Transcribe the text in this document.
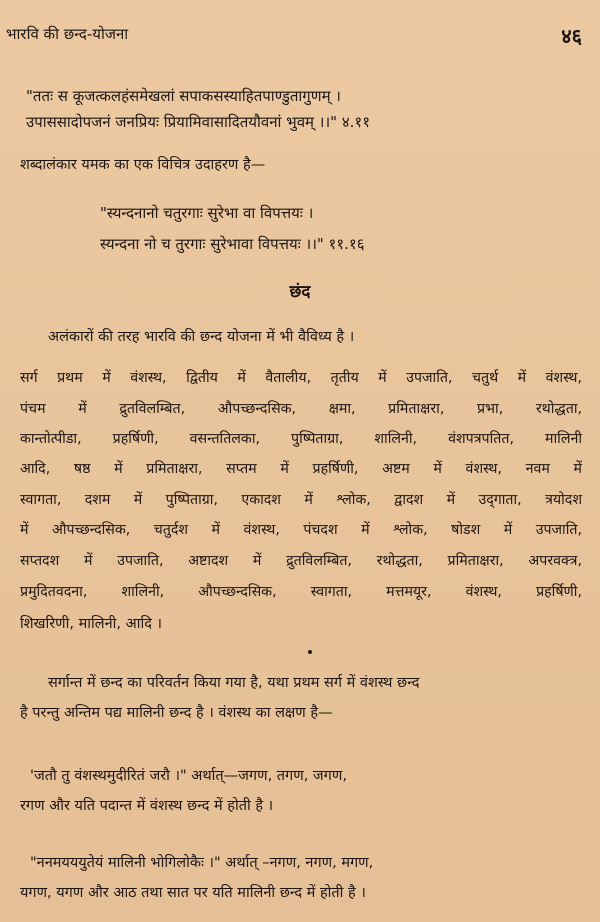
भारवि की छन्द-योजना	४६
"ततः स कूजत्कलहंसमेखलां सपाकसस्याहितपाण्डुतागुणम् ।
उपाससादोपजनं जनप्रियः प्रियामिवासादितयौवनां भुवम् ।।" ४.११
शब्दालंकार यमक का एक विचित्र उदाहरण है—
"स्यन्दनानो चतुरगाः सुरेभा वा विपत्तयः ।
स्यन्दना नो च तुरगाः सुरेभावा विपत्तयः ।।" ११.१६
छंद
अलंकारों की तरह भारवि की छन्द योजना में भी वैविध्य है ।
सर्ग प्रथम में वंशस्थ, द्वितीय में वैतालीय, तृतीय में उपजाति, चतुर्थ में वंशस्थ,
पंचम में द्रुतविलम्बित, औपच्छन्दसिक, क्षमा, प्रमिताक्षरा, प्रभा, रथोद्धता,
कान्तोत्पीडा, प्रहर्षिणी, वसन्ततिलका, पुष्पिताग्रा, शालिनी, वंशपत्रपतित, मालिनी
आदि, षष्ठ में प्रमिताक्षरा, सप्तम में प्रहर्षिणी, अष्टम में वंशस्थ, नवम में
स्वागता, दशम में पुष्पिताग्रा, एकादश में श्लोक, द्वादश में उद्‌गाता, त्रयोदश
में औपच्छन्दसिक, चतुर्दश में वंशस्थ, पंचदश में श्लोक, षोडश में उपजाति,
सप्तदश में उपजाति, अष्टादश में द्रुतविलम्बित, रथोद्धता, प्रमिताक्षरा, अपरवक्त्र,
प्रमुदितवदना, शालिनी, औपच्छन्दसिक, स्वागता, मत्तमयूर, वंशस्थ, प्रहर्षिणी,
शिखरिणी, मालिनी, आदि ।
सर्गान्त में छन्द का परिवर्तन किया गया है, यथा प्रथम सर्ग में वंशस्थ छन्द
है परन्तु अन्तिम पद्य मालिनी छन्द है । वंशस्थ का लक्षण है—
'जतौ तु वंशस्थमुदीरितं जरौ ।" अर्थात्—जगण, तगण, जगण,
रगण और यति पदान्त में वंशस्थ छन्द में होती है ।
"ननमयययुतेयं मालिनी भोगिलोकैः ।" अर्थात् –नगण, नगण, मगण,
यगण, यगण और आठ तथा सात पर यति मालिनी छन्द में होती है ।
